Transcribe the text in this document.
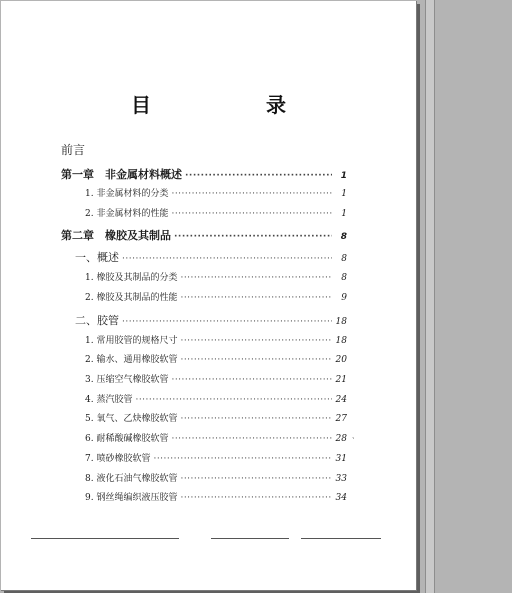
目 录
前言
第一章　非金属材料概述 ·····	1
1. 非金属材料的分类 ·····	1
2. 非金属材料的性能 ·····	1
第二章　橡胶及其制品 ·····	8
一、概述 ·····	8
1. 橡胶及其制品的分类 ·····	8
2. 橡胶及其制品的性能 ·····	9
二、胶管 ·····	18
1. 常用胶管的规格尺寸 ·····	18
2. 输水、通用橡胶软管 ·····	20
3. 压缩空气橡胶软管 ·····	21
4. 蒸汽胶管 ·····	24
5. 氧气、乙炔橡胶软管 ·····	27
6. 耐稀酸碱橡胶软管 ·····	28
7. 喷砂橡胶软管 ·····	31
8. 液化石油气橡胶软管 ·····	33
9. 钢丝绳编织液压胶管 ·····	34
、
